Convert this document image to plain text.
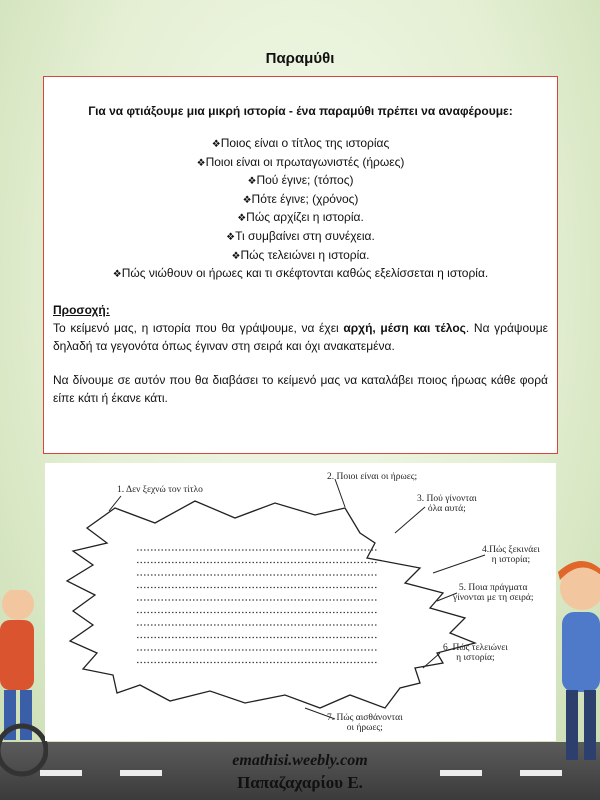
Παραμύθι

Για να φτιάξουμε μια μικρή ιστορία - ένα παραμύθι πρέπει να αναφέρουμε:

❖ Ποιος είναι ο τίτλος της ιστορίας
❖ Ποιοι είναι οι πρωταγωνιστές (ήρωες)
❖ Πού έγινε; (τόπος)
❖ Πότε έγινε; (χρόνος)
❖ Πώς αρχίζει η ιστορία.
❖ Τι συμβαίνει στη συνέχεια.
❖ Πώς τελειώνει η ιστορία.
❖ Πώς νιώθουν οι ήρωες και τι σκέφτονται καθώς εξελίσσεται η ιστορία.
Προσοχή:

Το κείμενό μας, η ιστορία που θα γράψουμε, να έχει αρχή, μέση και τέλος. Να γράψουμε δηλαδή τα γεγονότα όπως έγιναν στη σειρά και όχι ανακατεμένα.

Να δίνουμε σε αυτόν που θα διαβάσει το κείμενό μας να καταλάβει ποιος ήρωας κάθε φορά είπε κάτι ή έκανε κάτι.

1. Δεν ξεχνώ τον τίτλο
2. Ποιοι είναι οι ήρωες;
3. Πού γίνονται
όλα αυτά;
4.Πώς ξεκινάει
η ιστορία;
5. Ποια πράγματα
γίνονται με τη σειρά;
6. Πώς τελειώνει
η ιστορία;
7. Πώς αισθάνονται
οι ήρωες;
emathisi.weebly.com
Παπαζαχαρίου Ε.
